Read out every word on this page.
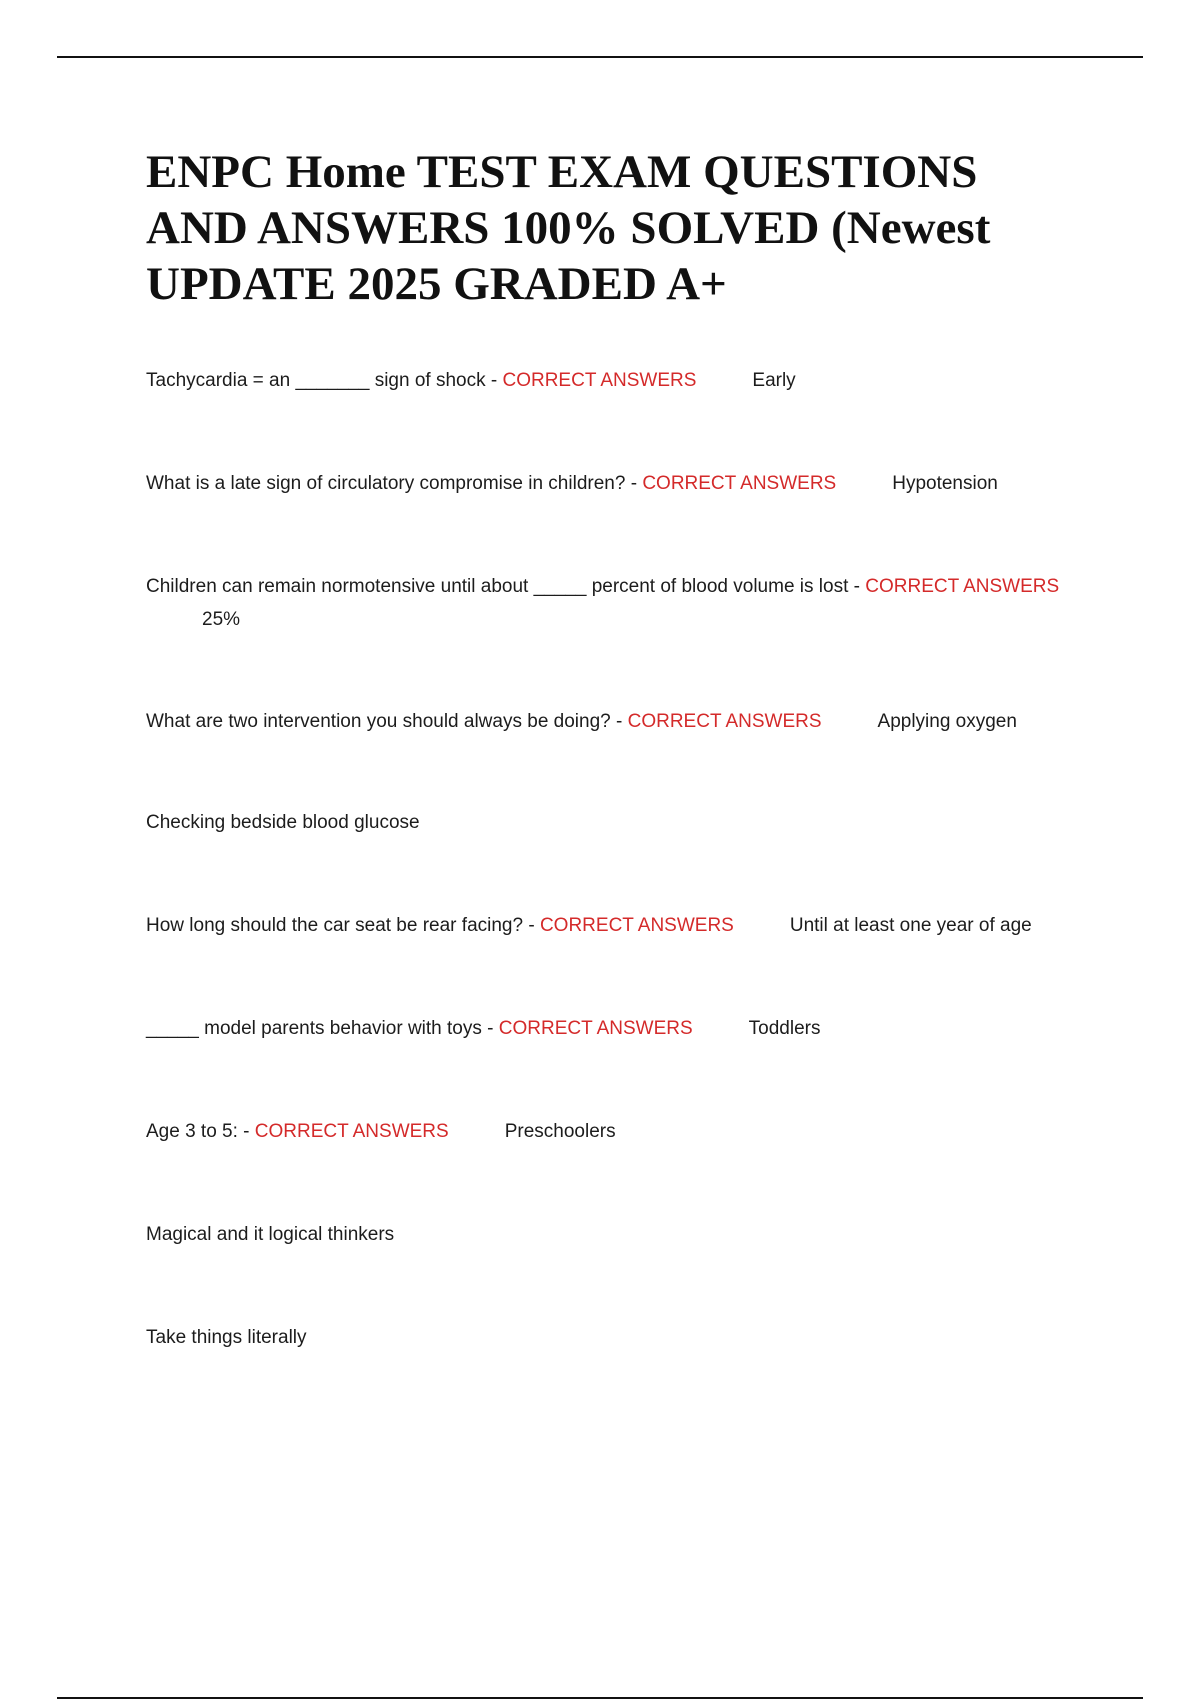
ENPC Home TEST EXAM QUESTIONS AND ANSWERS 100% SOLVED (Newest UPDATE 2025 GRADED A+
Tachycardia = an _______ sign of shock - CORRECT ANSWERS	Early
What is a late sign of circulatory compromise in children? - CORRECT ANSWERS	Hypotension
Children can remain normotensive until about _____ percent of blood volume is lost - CORRECT ANSWERS25%
What are two intervention you should always be doing? - CORRECT ANSWERS	Applying oxygen
Checking bedside blood glucose
How long should the car seat be rear facing? - CORRECT ANSWERS	Until at least one year of age
_____ model parents behavior with toys - CORRECT ANSWERS	Toddlers
Age 3 to 5: - CORRECT ANSWERS	Preschoolers
Magical and it logical thinkers
Take things literally
